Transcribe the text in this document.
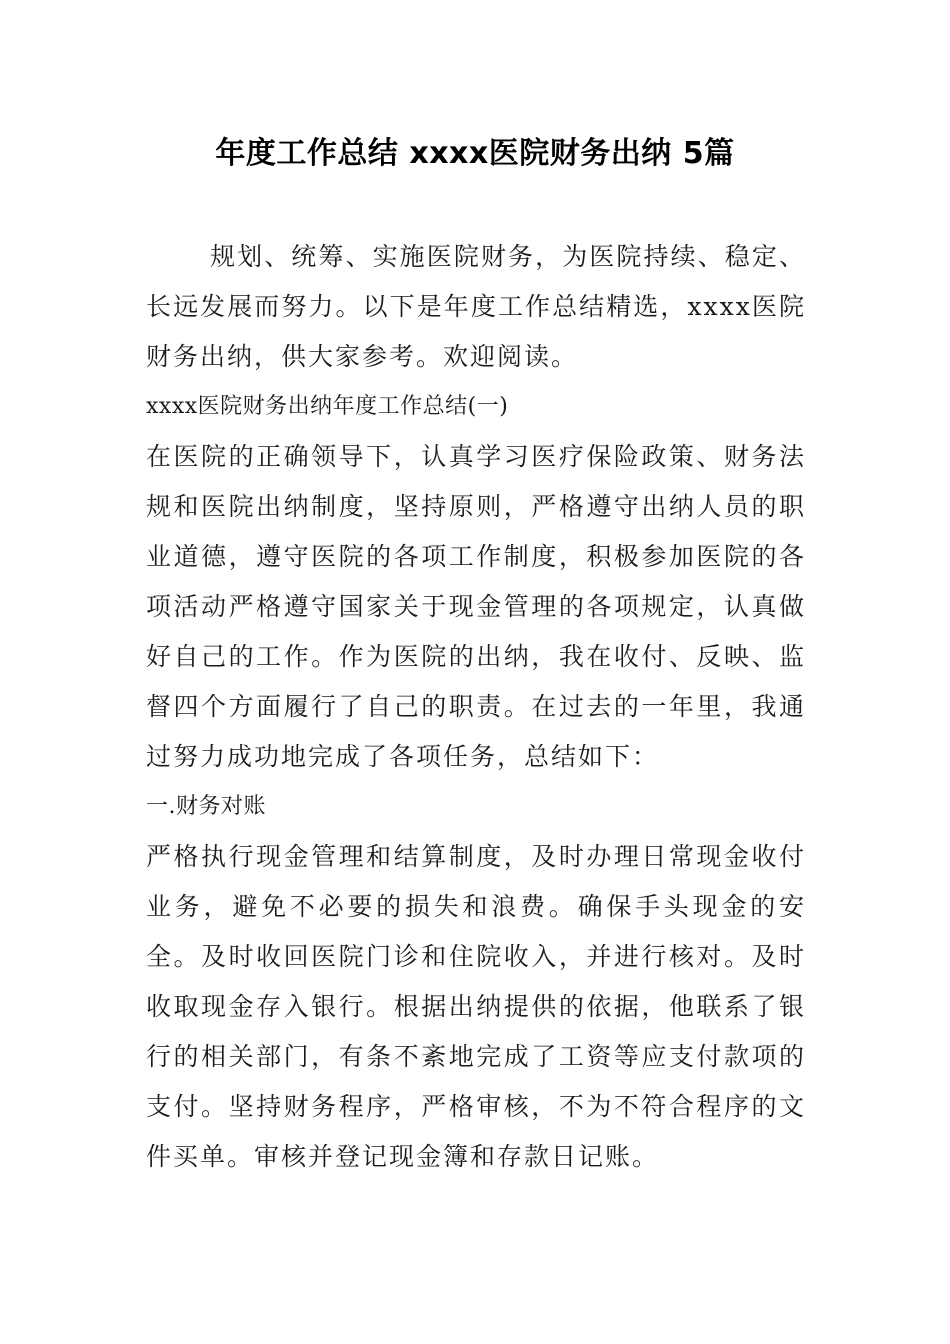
年度工作总结 xxxx医院财务出纳 5篇

规划、统筹、实施医院财务，为医院持续、稳定、长远发展而努力。以下是年度工作总结精选，xxxx医院财务出纳，供大家参考。欢迎阅读。

xxxx医院财务出纳年度工作总结(一)

在医院的正确领导下，认真学习医疗保险政策、财务法规和医院出纳制度，坚持原则，严格遵守出纳人员的职业道德，遵守医院的各项工作制度，积极参加医院的各项活动严格遵守国家关于现金管理的各项规定，认真做好自己的工作。作为医院的出纳，我在收付、反映、监督四个方面履行了自己的职责。在过去的一年里，我通过努力成功地完成了各项任务，总结如下：

一.财务对账

严格执行现金管理和结算制度，及时办理日常现金收付业务，避免不必要的损失和浪费。确保手头现金的安全。及时收回医院门诊和住院收入，并进行核对。及时收取现金存入银行。根据出纳提供的依据，他联系了银行的相关部门，有条不紊地完成了工资等应支付款项的支付。坚持财务程序，严格审核，不为不符合程序的文件买单。审核并登记现金簿和存款日记账。
